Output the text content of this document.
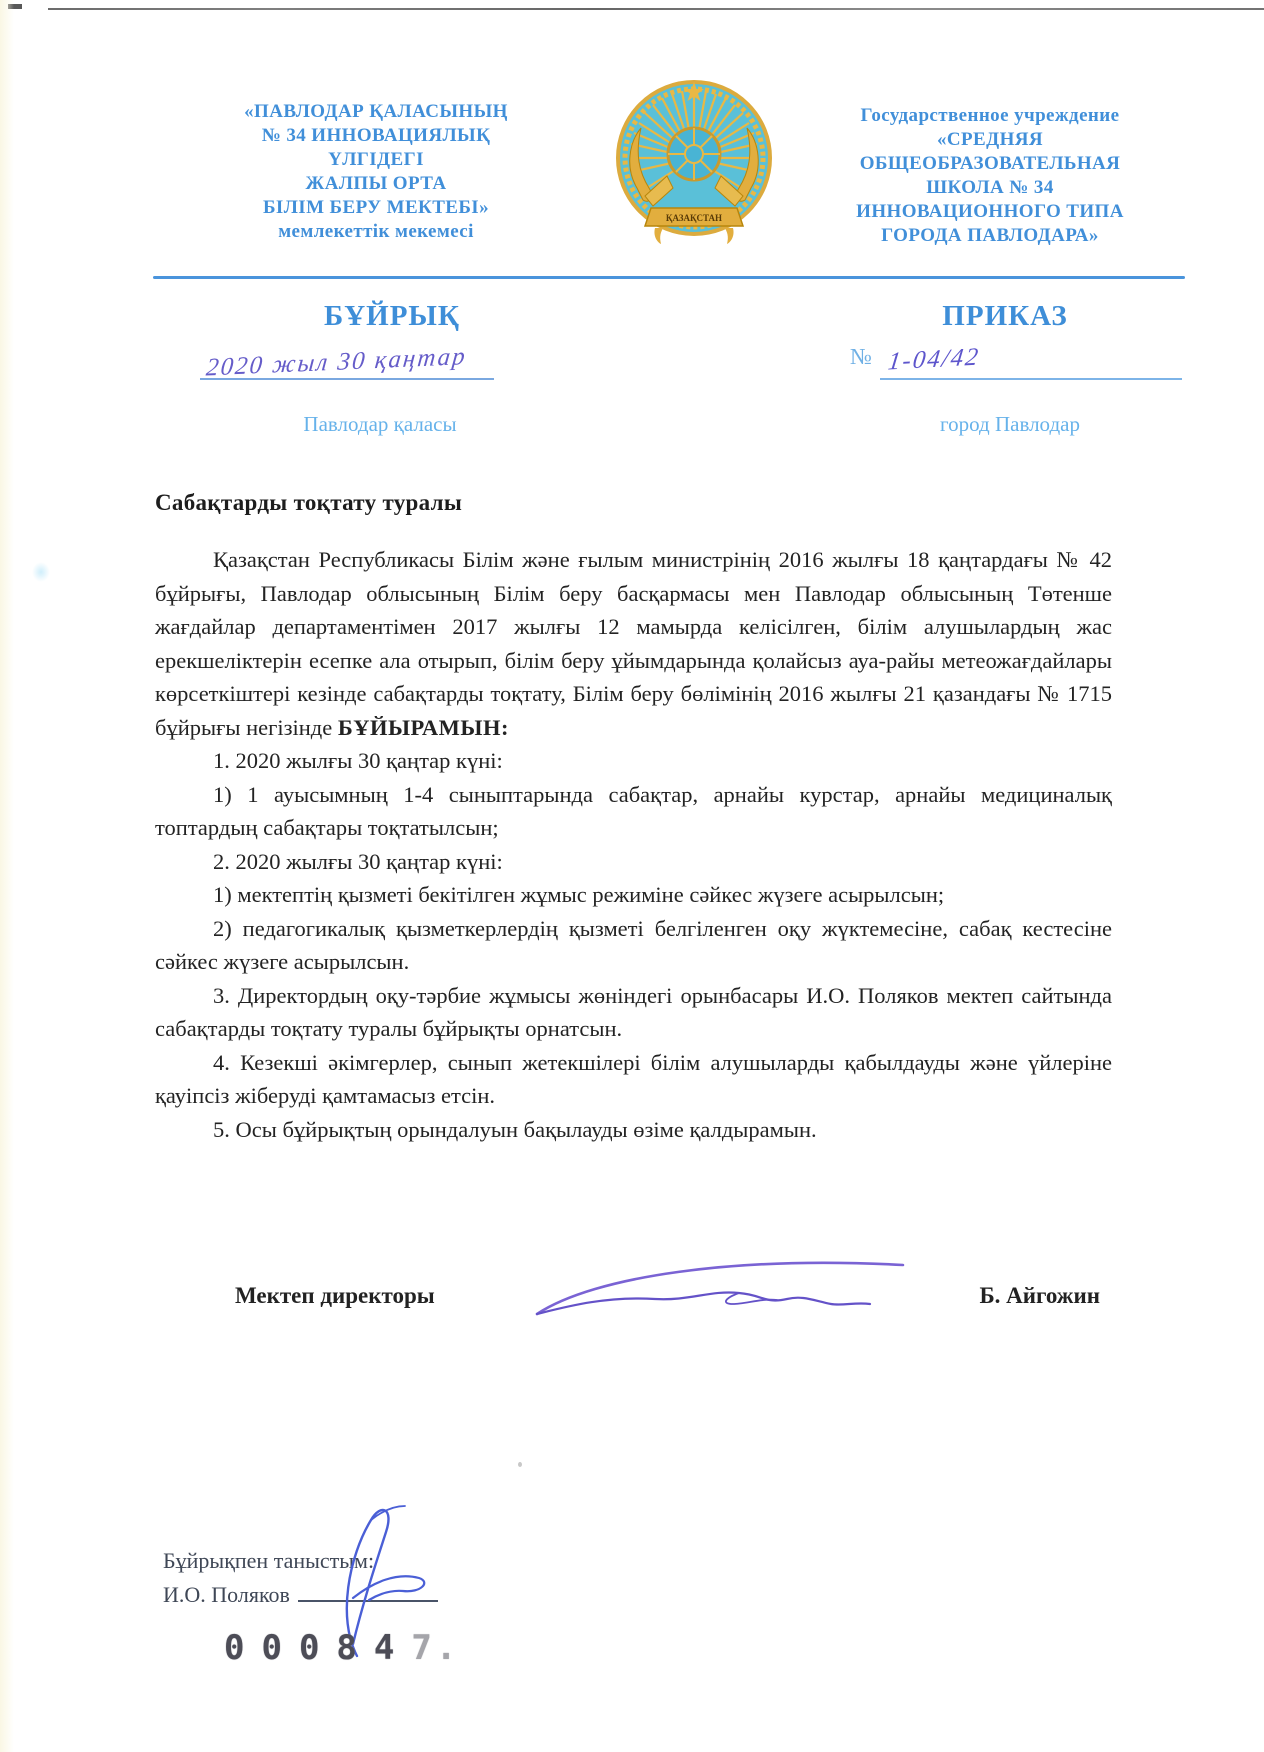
«ПАВЛОДАР ҚАЛАСЫНЫҢ
№ 34 ИННОВАЦИЯЛЫҚ
ҮЛГІДЕГІ
ЖАЛПЫ ОРТА
БІЛІМ БЕРУ МЕКТЕБІ»
мемлекеттік мекемесі
ҚАЗАҚСТАН
Государственное учреждение
«СРЕДНЯЯ
ОБЩЕОБРАЗОВАТЕЛЬНАЯ
ШКОЛА № 34
ИННОВАЦИОННОГО ТИПА
ГОРОДА ПАВЛОДАРА»
БҰЙРЫҚ	ПРИКАЗ
2020 жыл 30 қаңтар	№ 1-04/42
Павлодар қаласы	город Павлодар
Сабақтарды тоқтату туралы

Қазақстан Республикасы Білім және ғылым министрінің 2016 жылғы 18 қаңтардағы № 42 бұйрығы, Павлодар облысының Білім беру басқармасы мен Павлодар облысының Төтенше жағдайлар департаментімен 2017 жылғы 12 мамырда келісілген, білім алушылардың жас ерекшеліктерін есепке ала отырып, білім беру ұйымдарында қолайсыз ауа-райы метеожағдайлары көрсеткіштері кезінде сабақтарды тоқтату, Білім беру бөлімінің 2016 жылғы 21 қазандағы № 1715 бұйрығы негізінде БҰЙЫРАМЫН:

1. 2020 жылғы 30 қаңтар күні:

1) 1 ауысымның 1-4 сыныптарында сабақтар, арнайы курстар, арнайы медициналық топтардың сабақтары тоқтатылсын;

2. 2020 жылғы 30 қаңтар күні:

1) мектептің қызметі бекітілген жұмыс режиміне сәйкес жүзеге асырылсын;

2) педагогикалық қызметкерлердің қызметі белгіленген оқу жүктемесіне, сабақ кестесіне сәйкес жүзеге асырылсын.

3. Директордың оқу-тәрбие жұмысы жөніндегі орынбасары И.О. Поляков мектеп сайтында сабақтарды тоқтату туралы бұйрықты орнатсын.

4. Кезекші әкімгерлер, сынып жетекшілері білім алушыларды қабылдауды және үйлеріне қауіпсіз жіберуді қамтамасыз етсін.

5. Осы бұйрықтың орындалуын бақылауды өзіме қалдырамын.

Мектеп директоры	Б. Айгожин
Бұйрықпен таныстым:
И.О. Поляков
000847.
